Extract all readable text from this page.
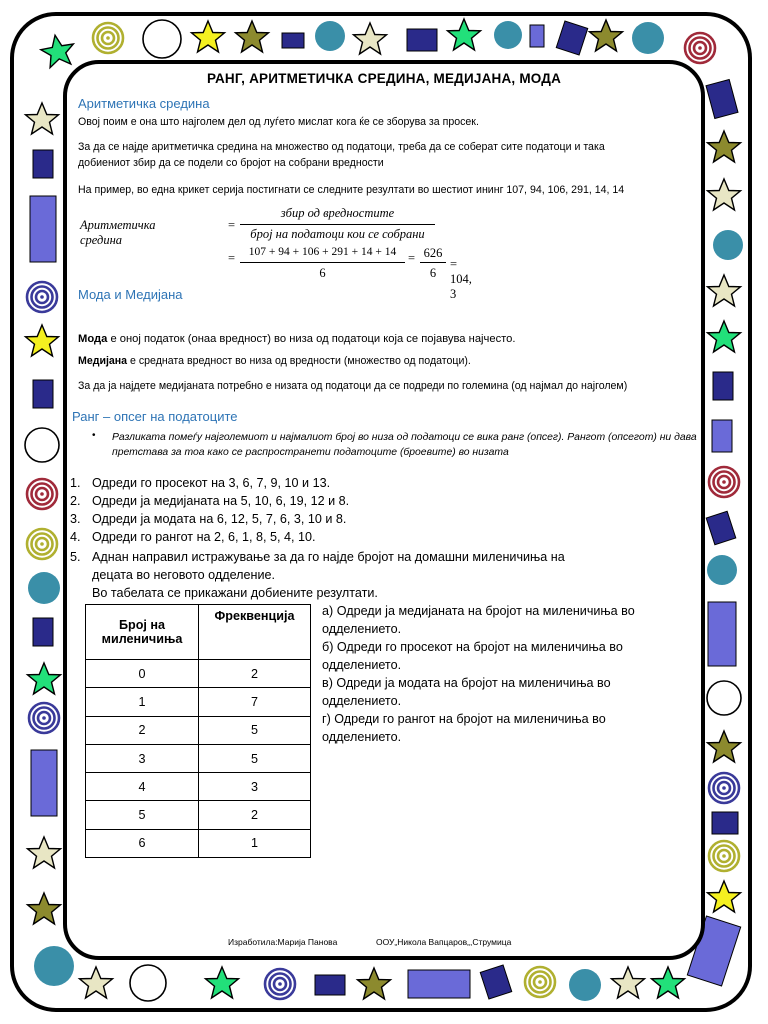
РАНГ, АРИТМЕТИЧКА СРЕДИНА, МЕДИЈАНА, МОДА
Аритметичка средина
Овој поим е она што најголем дел од луѓето мислат кога ќе се зборува за просек.
За да се најде аритметичка средина на множество од податоци, треба да се соберат сите податоци и така
добиениот збир да се подели со бројот на собрани вредности
На пример, во една крикет серија постигнати се следните резултати во шестиот ининг 107, 94, 106, 291, 14, 14
Аритметичка средина
=
збир од вредностите
број на податоци кои се собрани
=	107 + 94 + 106 + 291 + 14 + 14
6
= 626
6
= 104, 3
Мода и Медијана
Мода е оној податок (онаа вредност) во низа од податоци која се појавува најчесто.
Медијана е средната вредност во низа од вредности (множество од податоци).
За да ја најдете медијаната потребно е низата од податоци да се подреди по големина (од најмал до најголем)
Ранг – опсег на податоците
• Разликата помеѓу најголемиот и најмалиот број во низа од податоци се вика ранг (опсег). Рангот (опсегот) ни дава претстава за тоа како се распространети податоците (броевите) во низата
1. Одреди го просекот на 3, 6, 7, 9, 10 и 13.
2. Одреди ја медијаната на 5, 10, 6, 19, 12 и 8.
3. Одреди ја модата на 6, 12, 5, 7, 6, 3, 10 и 8.
4. Одреди го рангот на 2, 6, 1, 8, 5, 4, 10.
5. Аднан направил истражување за да го најде бројот на домашни миленичиња на
децата во неговото одделение.
Во табелата се прикажани добиените резултати.
Број на миленичиња	Фреквенција
0	2
1	7
2	5
3	5
4	3
5	2
6	1
а) Одреди ја медијаната на бројот на миленичиња во
одделението.
б) Одреди го просекот на бројот на миленичиња во
одделението.
в) Одреди ја модата на бројот на миленичиња во
одделението.
г) Одреди го рангот на бројот на миленичиња во
одделението.
Изработила:Марија Панова	ООУ„Никола Вапцаров„,Струмица
